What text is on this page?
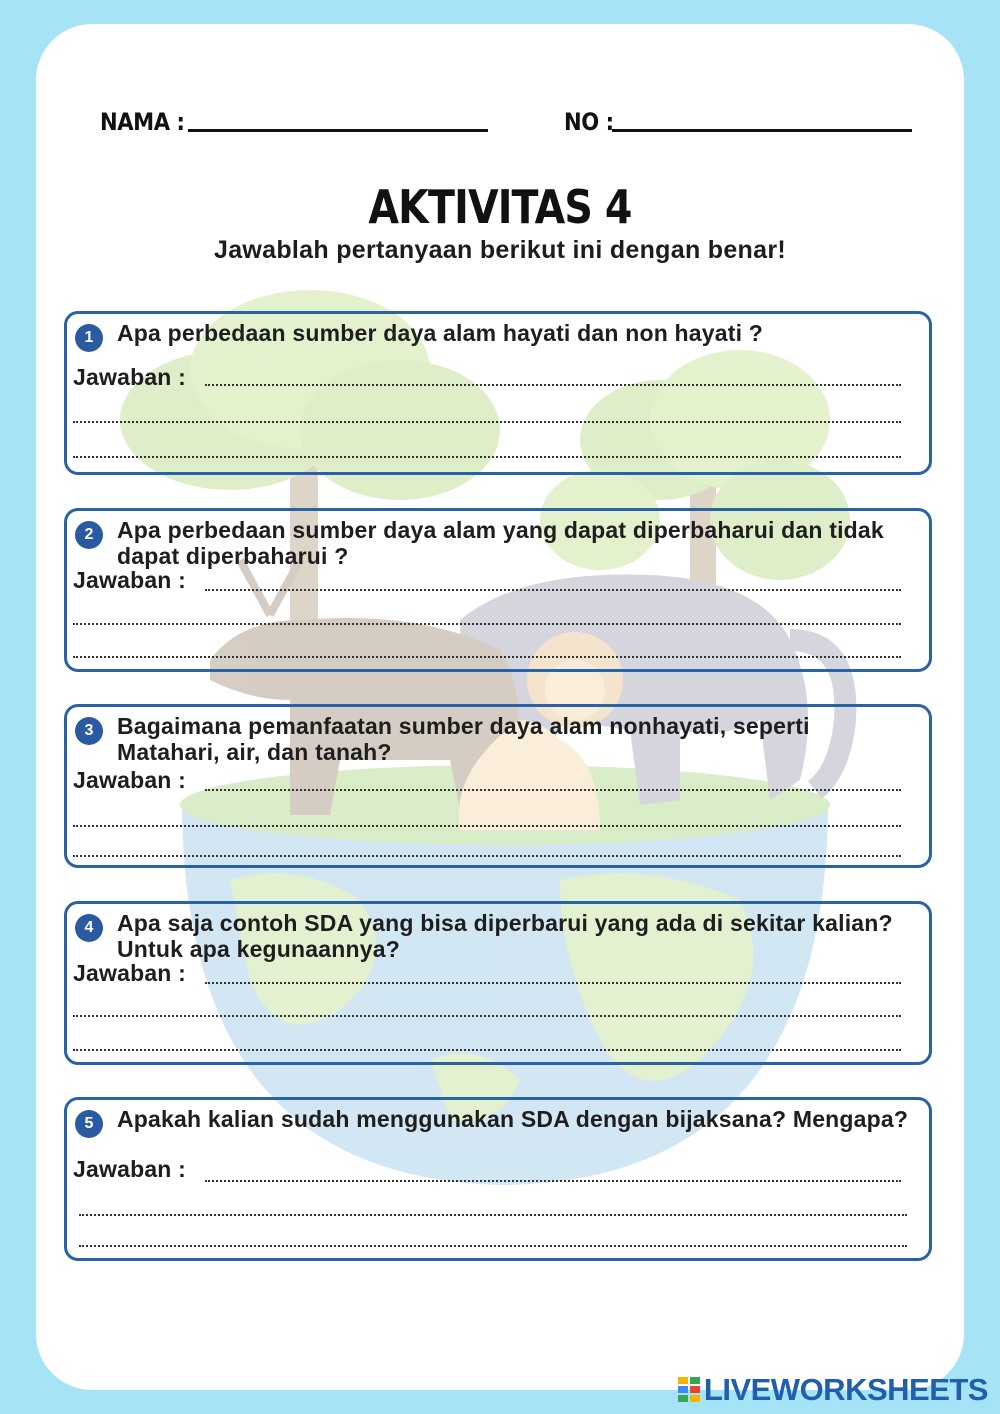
NAMA :	NO :
AKTIVITAS 4
Jawablah pertanyaan berikut ini dengan benar!
1	Apa perbedaan sumber daya alam hayati dan non hayati ?
Jawaban :
2	Apa perbedaan sumber daya alam yang dapat diperbaharui dan tidak dapat diperbaharui ?
Jawaban :
3	Bagaimana pemanfaatan sumber daya alam nonhayati, seperti Matahari, air, dan tanah?
Jawaban :
4	Apa saja contoh SDA yang bisa diperbarui yang ada di sekitar kalian? Untuk apa kegunaannya?
Jawaban :
5	Apakah kalian sudah menggunakan SDA dengan bijaksana? Mengapa?
Jawaban :
LIVEWORKSHEETS
